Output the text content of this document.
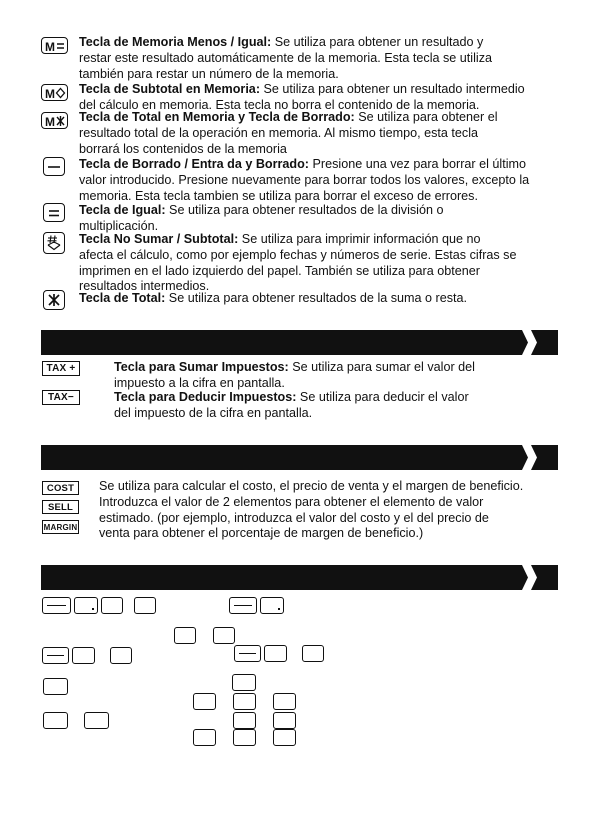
M Tecla de Memoria Menos / Igual: Se utiliza para obtener un resultado y
restar este resultado automáticamente de la memoria. Esta tecla se utiliza
también para restar un número de la memoria.
M Tecla de Subtotal en Memoria: Se utiliza para obtener un resultado intermedio
del cálculo en memoria. Esta tecla no borra el contenido de la memoria.
M Tecla de Total en Memoria y Tecla de Borrado: Se utiliza para obtener el
resultado total de la operación en memoria. Al mismo tiempo, esta tecla
borrará los contenidos de la memoria
Tecla de Borrado / Entra da y Borrado: Presione una vez para borrar el último
valor introducido. Presione nuevamente para borrar todos los valores, excepto la
memoria. Esta tecla tambien se utiliza para borrar el exceso de errores.
Tecla de Igual: Se utiliza para obtener resultados de la división o
multiplicación.
Tecla No Sumar / Subtotal: Se utiliza para imprimir información que no
afecta el cálculo, como por ejemplo fechas y números de serie. Estas cifras se
imprimen en el lado izquierdo del papel. También se utiliza para obtener
resultados intermedios.
Tecla de Total: Se utiliza para obtener resultados de la suma o resta.
TAX +
TAX−
Tecla para Sumar Impuestos: Se utiliza para sumar el valor del
impuesto a la cifra en pantalla.
Tecla para Deducir Impuestos: Se utiliza para deducir el valor
del impuesto de la cifra en pantalla.
COST
SELL
MARGIN
Se utiliza para calcular el costo, el precio de venta y el margen de beneficio.
Introduzca el valor de 2 elementos para obtener el elemento de valor
estimado. (por ejemplo, introduzca el valor del costo y el del precio de
venta para obtener el porcentaje de margen de beneficio.)
